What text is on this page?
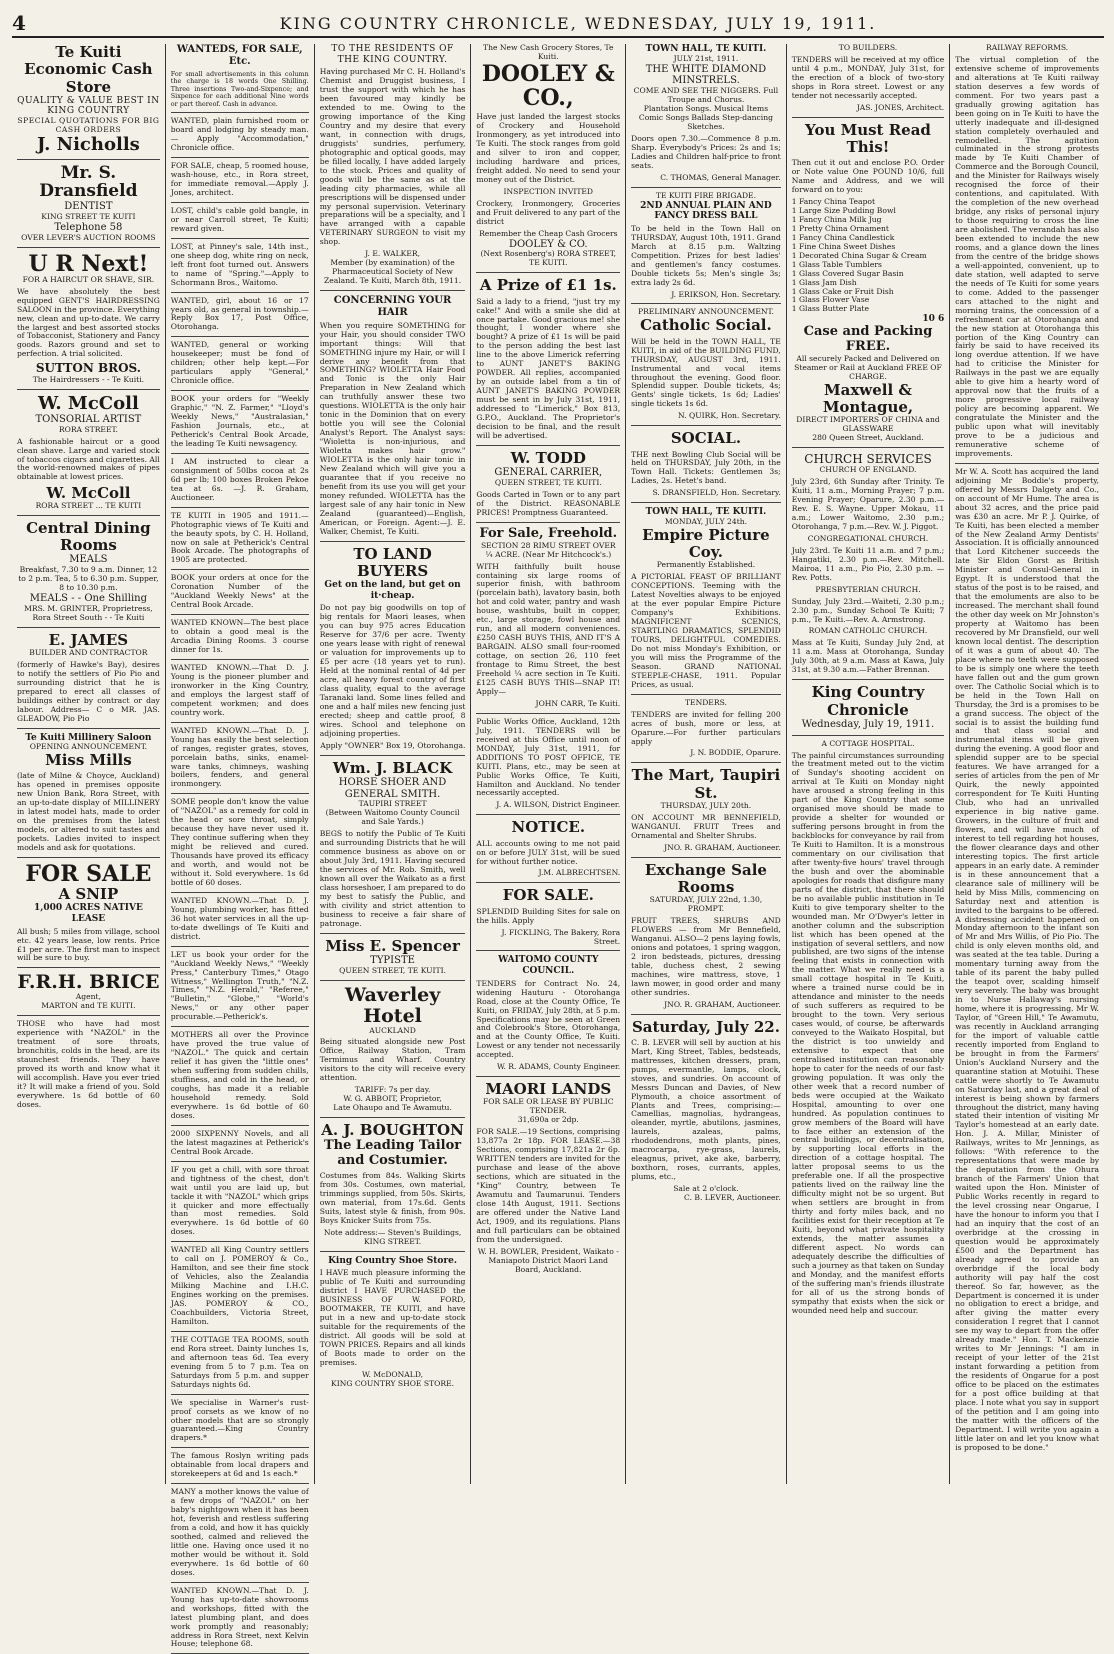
4	KING COUNTRY CHRONICLE, WEDNESDAY, JULY 19, 1911.
Te Kuiti Economic Cash Store
QUALITY & VALUE BEST IN KING COUNTRY
SPECIAL QUOTATIONS FOR BIG CASH ORDERS
J. Nicholls
Mr. S. Dransfield
DENTIST
KING STREET TE KUITI
Telephone 58
OVER LEVER'S AUCTION ROOMS
U R Next!
FOR A HAIRCUT OR SHAVE, SIR.
We have absolutely the best equipped GENT'S HAIRDRESSING SALOON in the province. Everything new, clean and up-to-date. We carry the largest and best assorted stocks of Tobacconist, Stationery and Fancy goods. Razors ground and set to perfection. A trial solicited.
SUTTON BROS.
The Hairdressers - - Te Kuiti.
W. McColl
TONSORIAL ARTIST
RORA STREET.
A fashionable haircut or a good clean shave. Large and varied stock of tobaccos cigars and cigarettes. All the world-renowned makes of pipes obtainable at lowest prices.
W. McColl
RORA STREET ... TE KUITI
Central Dining Rooms
MEALS
Breakfast, 7.30 to 9 a.m. Dinner, 12 to 2 p.m. Tea, 5 to 6.30 p.m. Supper, 8 to 10.30 p.m.
MEALS - - One Shilling
MRS. M. GRINTER, Proprietress, Rora Street South - - Te Kuiti
E. JAMES
BUILDER AND CONTRACTOR
(formerly of Hawke's Bay), desires to notify the settlers of Pio Pio and surrounding district that he is prepared to erect all classes of buildings either by contract or day labour. Address— C o MR. JAS. GLEADOW, Pio Pio
Te Kuiti Millinery Saloon
OPENING ANNOUNCEMENT.
Miss Mills
(late of Milne & Choyce, Auckland) has opened in premises opposite new Union Bank, Rora Street, with an up-to-date display of MILLINERY in latest model hats, made to order on the premises from the latest models, or altered to suit tastes and pockets. Ladies invited to inspect models and ask for quotations.
FOR SALE
A SNIP
1,000 ACRES NATIVE LEASE
All bush; 5 miles from village, school etc. 42 years lease, low rents. Price £1 per acre. The first man to inspect will be sure to buy.
F.R.H. BRICE
Agent,
MARTON and TE KUITI.
THOSE who have had most experience with "NAZOL" in the treatment of sore throats, bronchitis, colds in the head, are its staunchest friends. They have proved its worth and know what it will accomplish. Have you ever tried it? It will make a friend of you. Sold everywhere. 1s 6d bottle of 60 doses.
WANTEDS, FOR SALE, Etc.
For small advertisements in this column the charge is 18 words One Shilling. Three insertions Two-and-Sixpence; and Sixpence for each additional Nine words or part thereof. Cash in advance.
WANTED, plain furnished room or board and lodging by steady man. — Apply "Accommodation," Chronicle office.
FOR SALE, cheap, 5 roomed house, wash-house, etc., in Rora street, for immediate removal.—Apply J. Jones, architect.
LOST, child's cable gold bangle, in or near Carroll street, Te Kuiti; reward given.
LOST, at Pinney's sale, 14th inst., one sheep dog, white ring on neck, left front foot turned out. Answers to name of "Spring."—Apply to Schormann Bros., Waitomo.
WANTED, girl, about 16 or 17 years old, as general in township.—Reply Box 17, Post Office, Otorohanga.
WANTED, general or working housekeeper; must be fond of children; other help kept.—For particulars apply "General," Chronicle office.
BOOK your orders for "Weekly Graphic," "N. Z. Farmer," "Lloyd's Weekly News," "Australasian," Fashion Journals, etc., at Petherick's Central Book Arcade, the leading Te Kuiti newsagency.
I AM instructed to clear a consignment of 50lbs cocoa at 2s 6d per lb; 100 boxes Broken Pekoe tea at 6s. —J. R. Graham, Auctioneer.
TE KUITI in 1905 and 1911.—Photographic views of Te Kuiti and the beauty spots, by C. H. Holland, now on sale at Petherick's Central Book Arcade. The photographs of 1905 are protected.
BOOK your orders at once for the Coronation Number of the "Auckland Weekly News" at the Central Book Arcade.
WANTED KNOWN—The best place to obtain a good meal is the Arcadia Dining Rooms. 3 course dinner for 1s.
WANTED KNOWN.—That D. J. Young is the pioneer plumber and ironworker in the King Country, and employs the largest staff of competent workmen; and does country work.
WANTED KNOWN.—That D. J. Young has easily the best selection of ranges, register grates, stoves, porcelain baths, sinks, enamel-ware tanks, chimneys, washing boilers, fenders, and general ironmongery.
SOME people don't know the value of "NAZOL" as a remedy for cold in the head or sore throat, simply because they have never used it. They continue suffering when they might be relieved and cured. Thousands have proved its efficacy and worth, and would not be without it. Sold everywhere. 1s 6d bottle of 60 doses.
WANTED KNOWN.—That D. J. Young, plumbing worker, has fitted 36 hot water services in all the up-to-date dwellings of Te Kuiti and district.
LET us book your order for the "Auckland Weekly News," "Weekly Press," Canterbury Times," Otago Witness," Wellington Truth," "N.Z. Times," "N.Z. Herald," "Referee," "Bulletin," "Globe," "World's News," or any other paper procurable.—Petherick's.
MOTHERS all over the Province have proved the true value of "NAZOL." The quick and certain relief it has given the "little ones" when suffering from sudden chills, stuffiness, and cold in the head, or coughs, has made it a reliable household remedy. Sold everywhere. 1s 6d bottle of 60 doses.
2000 SIXPENNY Novels, and all the latest magazines at Petherick's Central Book Arcade.
IF you get a chill, with sore throat and tightness of the chest, don't wait until you are laid up, but tackle it with "NAZOL" which grips it quicker and more effectually than most remedies. Sold everywhere. 1s 6d bottle of 60 doses.
WANTED all King Country settlers to call on J. POMEROY & Co., Hamilton, and see their fine stock of Vehicles, also the Zealandia Milking Machine and I.H.C. Engines working on the premises. JAS. POMEROY & CO., Coachbuilders, Victoria Street, Hamilton.
THE COTTAGE TEA ROOMS, south end Rora street. Dainty lunches 1s, and afternoon teas 6d. Tea every evening from 5 to 7 p.m. Tea on Saturdays from 5 p.m. and supper Saturdays nights 6d.
We specialise in Warner's rust-proof corsets as we know of no other models that are so strongly guaranteed.—King Country drapers.*
The famous Roslyn writing pads obtainable from local drapers and storekeepers at 6d and 1s each.*
MANY a mother knows the value of a few drops of "NAZOL" on her baby's nightgown when it has been hot, feverish and restless suffering from a cold, and how it has quickly soothed, calmed and relieved the little one. Having once used it no mother would be without it. Sold everywhere. 1s 6d bottle of 60 doses.
WANTED KNOWN.—That D. J. Young has up-to-date showrooms and workshops, fitted with the latest plumbing plant, and does work promptly and reasonably; address in Rora Street, next Kelvin House; telephone 68.
TO THE RESIDENTS OF THE KING COUNTRY.
Having purchased Mr C. H. Holland's Chemist and Druggist business, I trust the support with which he has been favoured may kindly be extended to me. Owing to the growing importance of the King Country and my desire that every want, in connection with drugs, druggists' sundries, perfumery, photographic and optical goods, may be filled locally, I have added largely to the stock. Prices and quality of goods will be the same as at the leading city pharmacies, while all prescriptions will be dispensed under my personal supervision. Veterinary preparations will be a specialty, and I have arranged with a capable VETERINARY SURGEON to visit my shop.
J. E. WALKER,
Member (by examination) of the Pharmaceutical Society of New Zealand. Te Kuiti, March 8th, 1911.
CONCERNING YOUR HAIR
When you require SOMETHING for your Hair, you should consider TWO important things: Will that SOMETHING injure my Hair, or will I derive any benefit from that SOMETHING? WIOLETTA Hair Food and Tonic is the only Hair Preparation in New Zealand which can truthfully answer these two questions. WIOLETTA is the only hair tonic in the Dominion that on every bottle you will see the Colonial Analyst's Report. The Analyst says: "Wioletta is non-injurious, and Wioletta makes hair grow." WIOLETTA is the only hair tonic in New Zealand which will give you a guarantee that if you receive no benefit from its use you will get your money refunded. WIOLETTA has the largest sale of any hair tonic in New Zealand (guaranteed)—English, American, or Foreign. Agent:—J. E. Walker, Chemist, Te Kuiti.
TO LAND BUYERS
Get on the land, but get on it·cheap.
Do not pay big goodwills on top of big rentals for Maori leases, when you can buy 975 acres Education Reserve for 37/6 per acre. Twenty one years lease with right of renewal or valuation for improvements up to £5 per acre (18 years yet to run). Held at the nominal rental of 4d per acre, all heavy forest country of first class quality, equal to the average Taranaki land. Some lines felled and one and a half miles new fencing just erected; sheep and cattle proof, 8 wires. School and telephone on adjoining properties.
Apply "OWNER" Box 19, Otorohanga.
Wm. J. BLACK
HORSE SHOER AND GENERAL SMITH.
TAUPIRI STREET
(Between Waitomo County Council and Sale Yards.)
BEGS to notify the Public of Te Kuiti and surrounding Districts that he will commence business as above on or about July 3rd, 1911. Having secured the services of Mr. Rob. Smith, well known all over the Waikato as a first class horseshoer, I am prepared to do my best to satisfy the Public, and with civility and strict attention to business to receive a fair share of patronage.
Miss E. Spencer
TYPISTE
QUEEN STREET, TE KUITI.
Waverley Hotel
AUCKLAND
Being situated alongside new Post Office, Railway Station, Tram Termimus and Wharf. Country visitors to the city will receive every attention.
TARIFF: 7s per day.
W. G. ABBOIT, Proprietor,
Late Ohaupo and Te Awamutu.
A. J. BOUGHTON
The Leading Tailor and Costumier.
Costumes from 84s. Walking Skirts from 30s. Costumes, own material, trimmings supplied, from 50s. Skirts, own material, from 17s.6d. Gents Suits, latest style & finish, from 90s. Boys Knicker Suits from 75s.
Note address:— Steven's Buildings, KING STREET.
King Country Shoe Store.
I HAVE much pleasure informing the public of Te Kuiti and surrounding district I HAVE PURCHASED the BUSINESS OF W. FORD, BOOTMAKER, TE KUITI, and have put in a new and up-to-date stock suitable for the requirements of the district. All goods will be sold at TOWN PRICES. Repairs and all kinds of Boots made to order on the premises.
W. McDONALD,
KING COUNTRY SHOE STORE.
The New Cash Grocery Stores, Te Kuiti.
DOOLEY & CO.,
Have just landed the largest stocks of Crockery and Household Ironmongery, as yet introduced into Te Kuiti. The stock ranges from gold and silver to iron and copper, including hardware and prices, freight added. No need to send your money out of the District.
INSPECTION INVITED
Crockery, Ironmongery, Groceries and Fruit delivered to any part of the district
Remember the Cheap Cash Grocers
DOOLEY & CO.
(Next Rosenberg's) RORA STREET, TE KUITI.
A Prize of £1 1s.
Said a lady to a friend, "just try my cake!" And with a smile she did at once partake. Good gracious me! she thought, I wonder where she bought? A prize of £1 1s will be paid to the person adding the best last line to the above Limerick referring to AUNT JANET'S BAKING POWDER. All replies, accompanied by an outside label from a tin of AUNT JANET'S BAKING POWDER must be sent in by July 31st, 1911, addressed to "Limerick," Box 813, G.P.O., Auckland. The Proprietor's decision to be final, and the result will be advertised.
W. TODD
GENERAL CARRIER,
QUEEN STREET, TE KUITI.
Goods Carted in Town or to any part of the District. REASONABLE PRICES! Promptness Guaranteed.
For Sale, Freehold.
SECTION 28 RIMU STREET OVER ¼ ACRE. (Near Mr Hitchcock's.)
WITH faithfully built house containing six large rooms of superior finish, with bathroom (porcelain bath), lavatory basin, both hot and cold water, pantry and wash house, washtubs, built in copper, etc., large storage, fowl house and run, and all modern conveniences. £250 CASH BUYS THIS, AND IT'S A BARGAIN. ALSO small four-roomed cottage, on section 26, 110 feet frontage to Rimu Street, the best Freehold ¼ acre section in Te Kuiti. £125 CASH BUYS THIS—SNAP IT! Apply—
JOHN CARR, Te Kuiti.
Public Works Office, Auckland, 12th July, 1911. TENDERS will be received at this Office until noon of MONDAY, July 31st, 1911, for ADDITIONS TO POST OFFICE, TE KUITI. Plans, etc., may be seen at Public Works Office, Te Kuiti, Hamilton and Auckland. No tender necessarily accepted.
J. A. WILSON, District Engineer.
NOTICE.
ALL accounts owing to me not paid on or before JULY 31st, will be sued for without further notice.
J.M. ALBRECHTSEN.
FOR SALE.
SPLENDID Building Sites for sale on the hills. Apply
J. FICKLING, The Bakery, Rora Street.
WAITOMO COUNTY COUNCIL.
TENDERS for Contract No. 24, widening Hauturu - Otorohanga Road, close at the County Office, Te Kuiti, on FRIDAY, July 28th, at 5 p.m. Specifications may be seen at Green and Colebrook's Store, Otorohanga, and at the County Office, Te Kuiti. Lowest or any tender not necessarily accepted.
W. R. ADAMS, County Engineer.
MAORI LANDS
FOR SALE OR LEASE BY PUBLIC TENDER.
31,690a or 2dp.
FOR SALE.—19 Sections, comprising 13,877a 2r 18p. FOR LEASE.—38 Sections, comprising 17,821a 2r 6p. WRITTEN tenders are invited for the purchase and lease of the above sections, which are situated in the "King" Country, between Te Awamutu and Taumarunui. Tenders close 14th August, 1911. Sections are offered under the Native Land Act, 1909, and its regulations. Plans and full particulars can be obtained from the undersigned.
W. H. BOWLER, President, Waikato - Maniapoto District Maori Land Board, Auckland.
TOWN HALL, TE KUITI.
JULY 21st, 1911.
THE WHITE DIAMOND MINSTRELS.
COME AND SEE THE NIGGERS. Full Troupe and Chorus.
Plantation Songs. Musical Items Comic Songs Ballads Step-dancing Sketches.
Doors open 7.30.—Commence 8 p.m. Sharp. Everybody's Prices: 2s and 1s; Ladies and Children half-price to front seats.
C. THOMAS, General Manager.
TE KUITI FIRE BRIGADE.
2ND ANNUAL PLAIN AND FANCY DRESS BALL
To be held in the Town Hall on THURSDAY, August 10th, 1911. Grand March at 8.15 p.m. Waltzing Competition. Prizes for best ladies' and gentlemen's fancy costumes. Double tickets 5s; Men's single 3s; extra lady 2s 6d.
J. ERIKSON, Hon. Secretary.
PRELIMINARY ANNOUNCEMENT.
Catholic Social.
Will be held in the TOWN HALL, TE KUITI, in aid of the BUILDING FUND, THURSDAY, AUGUST 3rd, 1911. Instrumental and vocal items throughout the evening. Good floor. Splendid supper. Double tickets, 4s; Gents' single tickets, 1s 6d; Ladies' single tickets 1s 6d.
N. QUIRK, Hon. Secretary.
SOCIAL.
THE next Bowling Club Social will be held on THURSDAY, July 20th, in the Town Hall. Tickets: Gentlemen 3s; Ladies, 2s. Hetet's band.
S. DRANSFIELD, Hon. Secretary.
TOWN HALL, TE KUITI.
MONDAY, JULY 24th.
Empire Picture Coy.
Permanently Established.
A PICTORIAL FEAST OF BRILLIANT CONCEPTIONS. Teeming with the Latest Novelties always to be enjoyed at the ever popular Empire Picture Company's Exhibitions. MAGNIFICENT SCENICS, STARTLING DRAMATICS, SPLENDID TOURS, DELIGHTFUL COMEDIES. Do not miss Monday's Exhibition, or you will miss the Programme of the Season. GRAND NATIONAL STEEPLE-CHASE, 1911. Popular Prices, as usual.
TENDERS.
TENDERS are invited for felling 200 acres of bush, more or less, at Oparure.—For further particulars apply
J. N. BODDIE, Oparure.
The Mart, Taupiri St.
THURSDAY, JULY 20th.
ON ACCOUNT MR BENNEFIELD, WANGANUI. FRUIT Trees and Ornamental and Shelter Shrubs.
JNO. R. GRAHAM, Auctioneer.
Exchange Sale Rooms
SATURDAY, JULY 22nd, 1.30, PROMPT.
FRUIT TREES, SHRUBS AND FLOWERS — from Mr Bennefield, Wanganui. ALSO—2 pens laying fowls, onions and potatoes, 1 spring waggon, 2 iron bedsteads, pictures, dressing table, duchess chest, 2 sewing machines, wire mattress, stove, 1 lawn mower, in good order and many other sundries.
JNO. R. GRAHAM, Auctioneer.
Saturday, July 22.
C. B. LEVER will sell by auction at his Mart, King Street, Tables, bedsteads, mattresses, kitchen dressers, pram, pumps, evermantle, lamps, clock, stoves, and sundries. On account of Messrs Duncan and Davies, of New Plymouth, a choice assortment of Plants and Trees, comprising:— Camellias, magnolias, hydrangeas, oleander, myrtle, abutilons, jasmines, laurels, azaleas, palms, rhododendrons, moth plants, pines, macrocarpa, rye-grass, laurels, eleagnus, privet, ake ake, barberry, boxthorn, roses, currants, apples, plums, etc.,
Sale at 2 o'clock.
C. B. LEVER, Auctioneer.
TO BUILDERS.
TENDERS will be received at my office until 4 p.m., MONDAY, July 31st, for the erection of a block of two-story shops in Rora street. Lowest or any tender not necessarily accepted.
JAS. JONES, Architect.
You Must Read This!
Then cut it out and enclose P.O. Order or Note value One POUND 10/6, full Name and Address, and we will forward on to you:
1 Fancy China Teapot
1 Large Size Pudding Bowl
1 Fancy China Milk Jug
1 Pretty China Ornament
1 Fancy China Candlestick
1 Fine China Sweet Dishes
1 Decorated China Sugar & Cream
1 Glass Table Tumblers
1 Glass Covered Sugar Basin
1 Glass Jam Dish
1 Glass Cake or Fruit Dish
1 Glass Flower Vase
1 Glass Butter Plate
10 6
Case and Packing FREE.
All securely Packed and Delivered on Steamer or Rail at Auckland FREE OF CHARGE.
Maxwell & Montague,
DIRECT IMPORTERS OF CHINA and GLASSWARE
280 Queen Street, Auckland.
CHURCH SERVICES
CHURCH OF ENGLAND.
July 23rd, 6th Sunday after Trinity. Te Kuiti, 11 a.m., Morning Prayer; 7 p.m. Evening Prayer; Oparure, 2.30 p.m.—Rev. E. S. Wayne. Upper Mokau, 11 a.m.; Lower Waitomo, 2.30 p.m.; Otorohanga, 7 p.m.—Rev. W. J. Piggot.
CONGREGATIONAL CHURCH.
July 23rd. Te Kuiti 11 a.m. and 7 p.m.; Hangatiki, 2.30 p.m.—Rev. Mitchell. Mairoa, 11 a.m., Pio Pio, 2.30 p.m. —Rev. Potts.
PRESBYTERIAN CHURCH.
Sunday, July 23rd.—Waitetí, 2.30 p.m.; 2.30 p.m., Sunday School Te Kuiti; 7 p.m., Te Kuiti.—Rev. A. Armstrong.
ROMAN CATHOLIC CHURCH.
Mass at Te Kuiti, Sunday July 2nd, at 11 a.m. Mass at Otorohanga, Sunday July 30th, at 9 a.m. Mass at Kawa, July 31st, at 9.30 a.m.—Father Brennan.
King Country Chronicle
Wednesday, July 19, 1911.
A COTTAGE HOSPITAL.
The painful circumstances surrounding the treatment meted out to the victim of Sunday's shooting accident on arrival at Te Kuiti on Monday night have aroused a strong feeling in this part of the King Country that some organised move should be made to provide a shelter for wounded or suffering persons brought in from the backblocks for conveyance by rail from Te Kuiti to Hamilton. It is a monstrous commentary on our civilisation that after twenty-five hours' travel through the bush and over the abominable apologies for roads that disfigure many parts of the district, that there should be no available public institution in Te Kuiti to give temporary shelter to the wounded man. Mr O'Dwyer's letter in another column and the subscription list which has been opened at the instigation of several settlers, and now published, are two signs of the intense feeling that exists in connection with the matter. What we really need is a small cottage hospital in Te Kuiti, where a trained nurse could be in attendance and minister to the needs of such sufferers as required to be brought to the town. Very serious cases would, of course, be afterwards conveyed to the Waikato Hospital, but the district is too unwieldy and extensive to expect that one centralised institution can reasonably hope to cater for the needs of our fast-growing population. It was only the other week that a record number of beds were occupied at the Waikato Hospital, amounting to over one hundred. As population continues to grow members of the Board will have to face either an extension of the central buildings, or decentralisation, by supporting local efforts in the direction of a cottage hospital. The latter proposal seems to us the preferable one. If all the prospective patients lived on the railway line the difficulty might not be so urgent. But when settlers are brought in from thirty and forty miles back, and no facilities exist for their reception at Te Kuiti, beyond what private hospitality extends, the matter assumes a different aspect. No words can adequately describe the difficulties of such a journey as that taken on Sunday and Monday, and the manifest efforts of the suffering man's friends illustrate for all of us the strong bonds of sympathy that exists when the sick or wounded need help and succour.
RAILWAY REFORMS.
The virtual completion of the extensive scheme of improvements and alterations at Te Kuiti railway station deserves a few words of comment. For two years past a gradually growing agitation has been going on in Te Kuiti to have the utterly inadequate and ill-designed station completely overhauled and remodelled. The agitation culminated in the strong protests made by Te Kuiti Chamber of Commerce and the Borough Council, and the Minister for Railways wisely recognised the force of their contentions, and capitulated. With the completion of the new overhead bridge, any risks of personal injury to those requiring to cross the line are abolished. The verandah has also been extended to include the new rooms, and a glance down the lines from the centre of the bridge shows a well-appointed, convenient, up to date station, well adapted to serve the needs of Te Kuiti for some years to come. Added to the passenger cars attached to the night and morning trains, the concession of a refreshment car at Otorohanga and the new station at Otorohanga this portion of the King Country can fairly be said to have received its long overdue attention. If we have had to criticise the Minister for Railways in the past we are equally able to give him a hearty word of approval now that the fruits of a more progressive local railway policy are becoming apparent. We congratulate the Minister and the public upon what will inevitably prove to be a judicious and remunerative scheme of improvements.
Mr W. A. Scott has acquired the land adjoining Mr Boddie's property, offered by Messrs Dalgety and Co., on account of Mr Hume. The area is about 32 acres, and the price paid was £30 an acre. Mr P. J. Quirke, of Te Kuiti, has been elected a member of the New Zealand Army Dentists' Association. It is officially announced that Lord Kitchener succeeds the late Sir Eldon Gorst as British Minister and Consul-General in Egypt. It is understood that the status of the post is to be raised, and that the emoluments are also to be increased. The merchant shall found the other day week on Mr Johnston's property at Waitomo has been recovered by Mr Dransfield, our well known local dentist. The description of it was a gum of about 40. The place where no teeth were supposed to be is simply one where the teeth have fallen out and the gum grown over. The Catholic Social which is to be held in the Town Hall on Thursday, the 3rd is a promises to be a grand success. The object of the social is to assist the building fund and that class social and instrumental items will be given during the evening. A good floor and splendid supper are to be special features. We have arranged for a series of articles from the pen of Mr Quirk, the newly appointed correspondent for Te Kuiti Hunting Club, who had an unrivalled experience in big native game. Growers, in the culture of fruit and flowers, and will have much of interest to tell regarding hot houses, the flower clearance days and other interesting topics. The first article appears in an early date. A reminder is in these announcement that a clearance sale of millinery will be held by Miss Mills, commencing on Saturday next and attention is invited to the bargains to be offered. A distressing accident happened on Monday afternoon to the infant son of Mr and Mrs Willis, of Pio Pio. The child is only eleven months old, and was seated at the tea table. During a momentary turning away from the table of its parent the baby pulled the teapot over, scalding himself very severely. The baby was brought in to Nurse Hallaway's nursing home, where it is progressing. Mr W. Taylor, of "Green Hill," Te Awamutu, was recently in Auckland arranging for the import of valuable cattle recently imported from England to be brought in from the Farmers' Union's Auckland Nursery and the quarantine station at Motuihi. These cattle were shortly to Te Awamutu on Saturday last, and a great deal of interest is being shown by farmers throughout the district, many having stated their intention of visiting Mr Taylor's homestead at an early date. Hon. J. A. Millar, Minister of Railways, writes to Mr Jennings, as follows: "With reference to the representations that were made by the deputation from the Ohura branch of the Farmers' Union that waited upon the Hon. Minister of Public Works recently in regard to the level crossing near Ongarue, I have the honour to inform you that I had an inquiry that the cost of an overbridge at the crossing in question would be approximately £500 and the Department has already agreed to provide an overbridge if the local body authority will pay half the cost thereof. So far, however, as the Department is concerned it is under no obligation to erect a bridge, and after giving the matter every consideration I regret that I cannot see my way to depart from the offer already made." Hon. T. Mackenzie writes to Mr Jennings: "I am in receipt of your letter of the 21st instant forwarding a petition from the residents of Ongarue for a post office to be placed on the estimates for a post office building at that place. I note what you say in support of the petition and I am going into the matter with the officers of the Department. I will write you again a little later on and let you know what is proposed to be done."
